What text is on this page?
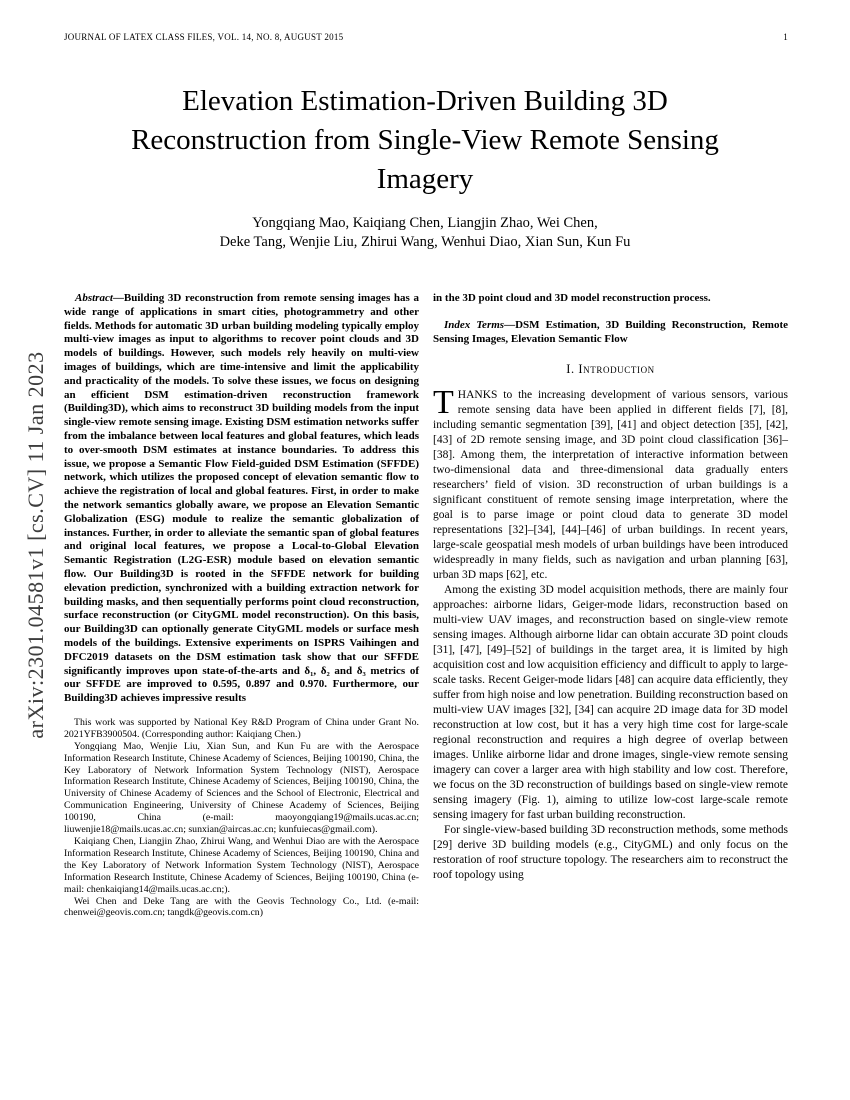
JOURNAL OF LATEX CLASS FILES, VOL. 14, NO. 8, AUGUST 2015	1
arXiv:2301.04581v1 [cs.CV] 11 Jan 2023
Elevation Estimation-Driven Building 3D Reconstruction from Single-View Remote Sensing Imagery
Yongqiang Mao, Kaiqiang Chen, Liangjin Zhao, Wei Chen,
Deke Tang, Wenjie Liu, Zhirui Wang, Wenhui Diao, Xian Sun, Kun Fu

Abstract—Building 3D reconstruction from remote sensing images has a wide range of applications in smart cities, photogrammetry and other fields. Methods for automatic 3D urban building modeling typically employ multi-view images as input to algorithms to recover point clouds and 3D models of buildings. However, such models rely heavily on multi-view images of buildings, which are time-intensive and limit the applicability and practicality of the models. To solve these issues, we focus on designing an efficient DSM estimation-driven reconstruction framework (Building3D), which aims to reconstruct 3D building models from the input single-view remote sensing image. Existing DSM estimation networks suffer from the imbalance between local features and global features, which leads to over-smooth DSM estimates at instance boundaries. To address this issue, we propose a Semantic Flow Field-guided DSM Estimation (SFFDE) network, which utilizes the proposed concept of elevation semantic flow to achieve the registration of local and global features. First, in order to make the network semantics globally aware, we propose an Elevation Semantic Globalization (ESG) module to realize the semantic globalization of instances. Further, in order to alleviate the semantic span of global features and original local features, we propose a Local-to-Global Elevation Semantic Registration (L2G-ESR) module based on elevation semantic flow. Our Building3D is rooted in the SFFDE network for building elevation prediction, synchronized with a building extraction network for building masks, and then sequentially performs point cloud reconstruction, surface reconstruction (or CityGML model reconstruction). On this basis, our Building3D can optionally generate CityGML models or surface mesh models of the buildings. Extensive experiments on ISPRS Vaihingen and DFC2019 datasets on the DSM estimation task show that our SFFDE significantly improves upon state-of-the-arts and δ₁, δ₂ and δ₃ metrics of our SFFDE are improved to 0.595, 0.897 and 0.970. Furthermore, our Building3D achieves impressive results

This work was supported by National Key R&D Program of China under Grant No. 2021YFB3900504. (Corresponding author: Kaiqiang Chen.)

Yongqiang Mao, Wenjie Liu, Xian Sun, and Kun Fu are with the Aerospace Information Research Institute, Chinese Academy of Sciences, Beijing 100190, China, the Key Laboratory of Network Information System Technology (NIST), Aerospace Information Research Institute, Chinese Academy of Sciences, Beijing 100190, China, the University of Chinese Academy of Sciences and the School of Electronic, Electrical and Communication Engineering, University of Chinese Academy of Sciences, Beijing 100190, China (e-mail: maoyongqiang19@mails.ucas.ac.cn; liuwenjie18@mails.ucas.ac.cn; sunxian@aircas.ac.cn; kunfuiecas@gmail.com).

Kaiqiang Chen, Liangjin Zhao, Zhirui Wang, and Wenhui Diao are with the Aerospace Information Research Institute, Chinese Academy of Sciences, Beijing 100190, China and the Key Laboratory of Network Information System Technology (NIST), Aerospace Information Research Institute, Chinese Academy of Sciences, Beijing 100190, China (e-mail: chenkaiqiang14@mails.ucas.ac.cn;).

Wei Chen and Deke Tang are with the Geovis Technology Co., Ltd. (e-mail: chenwei@geovis.com.cn; tangdk@geovis.com.cn)

in the 3D point cloud and 3D model reconstruction process.

Index Terms—DSM Estimation, 3D Building Reconstruction, Remote Sensing Images, Elevation Semantic Flow

I. Introduction

THANKS to the increasing development of various sensors, various remote sensing data have been applied in different fields [7], [8], including semantic segmentation [39], [41] and object detection [35], [42], [43] of 2D remote sensing image, and 3D point cloud classification [36]–[38]. Among them, the interpretation of interactive information between two-dimensional data and three-dimensional data gradually enters researchers’ field of vision. 3D reconstruction of urban buildings is a significant constituent of remote sensing image interpretation, where the goal is to parse image or point cloud data to generate 3D model representations [32]–[34], [44]–[46] of urban buildings. In recent years, large-scale geospatial mesh models of urban buildings have been introduced widespreadly in many fields, such as navigation and urban planning [63], urban 3D maps [62], etc.

Among the existing 3D model acquisition methods, there are mainly four approaches: airborne lidars, Geiger-mode lidars, reconstruction based on multi-view UAV images, and reconstruction based on single-view remote sensing images. Although airborne lidar can obtain accurate 3D point clouds [31], [47], [49]–[52] of buildings in the target area, it is limited by high acquisition cost and low acquisition efficiency and difficult to apply to large-scale tasks. Recent Geiger-mode lidars [48] can acquire data efficiently, they suffer from high noise and low penetration. Building reconstruction based on multi-view UAV images [32], [34] can acquire 2D image data for 3D model reconstruction at low cost, but it has a very high time cost for large-scale regional reconstruction and requires a high degree of overlap between images. Unlike airborne lidar and drone images, single-view remote sensing imagery can cover a larger area with high stability and low cost. Therefore, we focus on the 3D reconstruction of buildings based on single-view remote sensing imagery (Fig. 1), aiming to utilize low-cost large-scale remote sensing imagery for fast urban building reconstruction.

For single-view-based building 3D reconstruction methods, some methods [29] derive 3D building models (e.g., CityGML) and only focus on the restoration of roof structure topology. The researchers aim to reconstruct the roof topology using
